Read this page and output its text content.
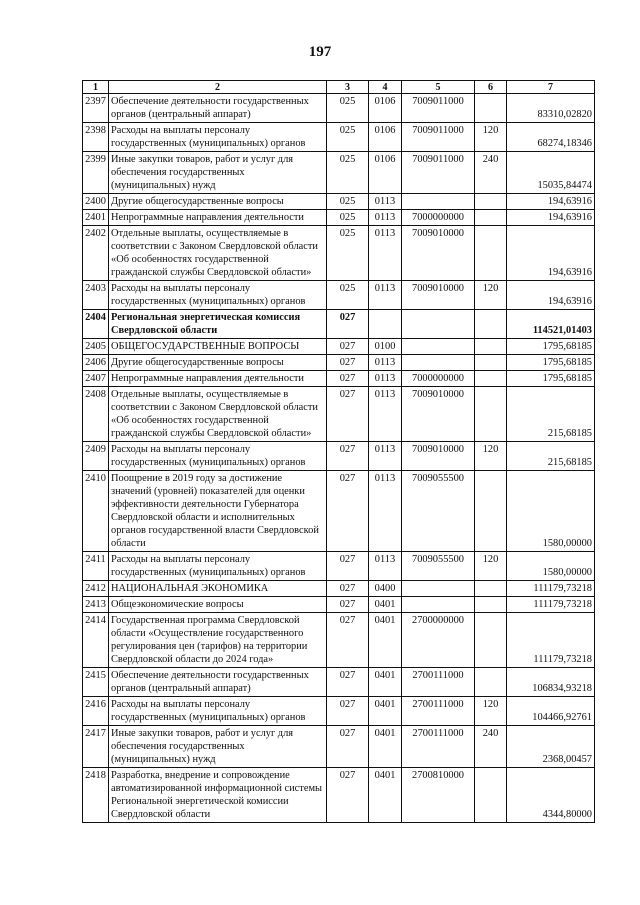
197
1	2	3	4	5	6	7
2397	Обеспечение деятельности государственных органов (центральный аппарат)	025	0106	7009011000		83310,02820
2398	Расходы на выплаты персоналу государственных (муниципальных) органов	025	0106	7009011000	120	68274,18346
2399	Иные закупки товаров, работ и услуг для обеспечения государственных (муниципальных) нужд	025	0106	7009011000	240	15035,84474
2400	Другие общегосударственные вопросы	025	0113			194,63916
2401	Непрограммные направления деятельности	025	0113	7000000000		194,63916
2402	Отдельные выплаты, осуществляемые в соответствии с Законом Свердловской области «Об особенностях государственной гражданской службы Свердловской области»	025	0113	7009010000		194,63916
2403	Расходы на выплаты персоналу государственных (муниципальных) органов	025	0113	7009010000	120	194,63916
2404	Региональная энергетическая комиссия Свердловской области	027				114521,01403
2405	ОБЩЕГОСУДАРСТВЕННЫЕ ВОПРОСЫ	027	0100			1795,68185
2406	Другие общегосударственные вопросы	027	0113			1795,68185
2407	Непрограммные направления деятельности	027	0113	7000000000		1795,68185
2408	Отдельные выплаты, осуществляемые в соответствии с Законом Свердловской области «Об особенностях государственной гражданской службы Свердловской области»	027	0113	7009010000		215,68185
2409	Расходы на выплаты персоналу государственных (муниципальных) органов	027	0113	7009010000	120	215,68185
2410	Поощрение в 2019 году за достижение значений (уровней) показателей для оценки эффективности деятельности Губернатора Свердловской области и исполнительных органов государственной власти Свердловской области	027	0113	7009055500		1580,00000
2411	Расходы на выплаты персоналу государственных (муниципальных) органов	027	0113	7009055500	120	1580,00000
2412	НАЦИОНАЛЬНАЯ ЭКОНОМИКА	027	0400			111179,73218
2413	Общеэкономические вопросы	027	0401			111179,73218
2414	Государственная программа Свердловской области «Осуществление государственного регулирования цен (тарифов) на территории Свердловской области до 2024 года»	027	0401	2700000000		111179,73218
2415	Обеспечение деятельности государственных органов (центральный аппарат)	027	0401	2700111000		106834,93218
2416	Расходы на выплаты персоналу государственных (муниципальных) органов	027	0401	2700111000	120	104466,92761
2417	Иные закупки товаров, работ и услуг для обеспечения государственных (муниципальных) нужд	027	0401	2700111000	240	2368,00457
2418	Разработка, внедрение и сопровождение автоматизированной информационной системы Региональной энергетической комиссии Свердловской области	027	0401	2700810000		4344,80000
